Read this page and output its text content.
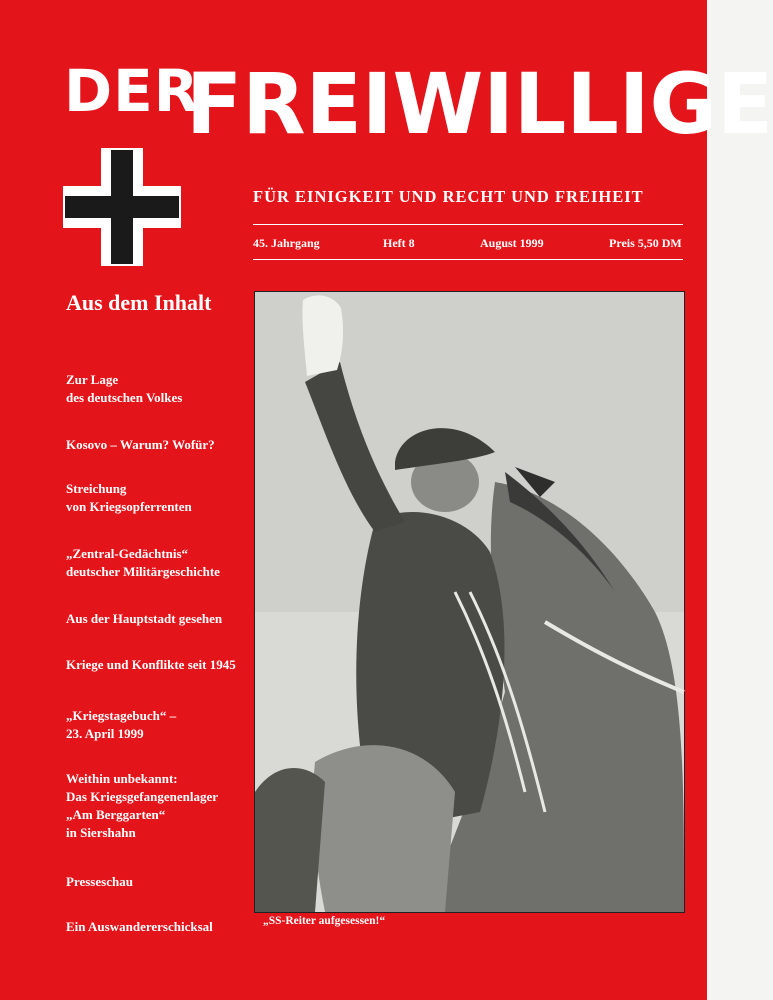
DER
FREIWILLIGE
FÜR EINIGKEIT UND RECHT UND FREIHEIT
45. Jahrgang	Heft 8	August 1999	Preis 5,50 DM
Aus dem Inhalt
Zur Lage
des deutschen Volkes
Kosovo – Warum? Wofür?
Streichung
von Kriegsopferrenten
„Zentral-Gedächtnis“
deutscher Militärgeschichte
Aus der Hauptstadt gesehen
Kriege und Konflikte seit 1945
„Kriegstagebuch“ –
23. April 1999
Weithin unbekannt:
Das Kriegsgefangenenlager
„Am Berggarten“
in Siershahn
Presseschau
Ein Auswandererschicksal	„SS-Reiter aufgesessen!“
